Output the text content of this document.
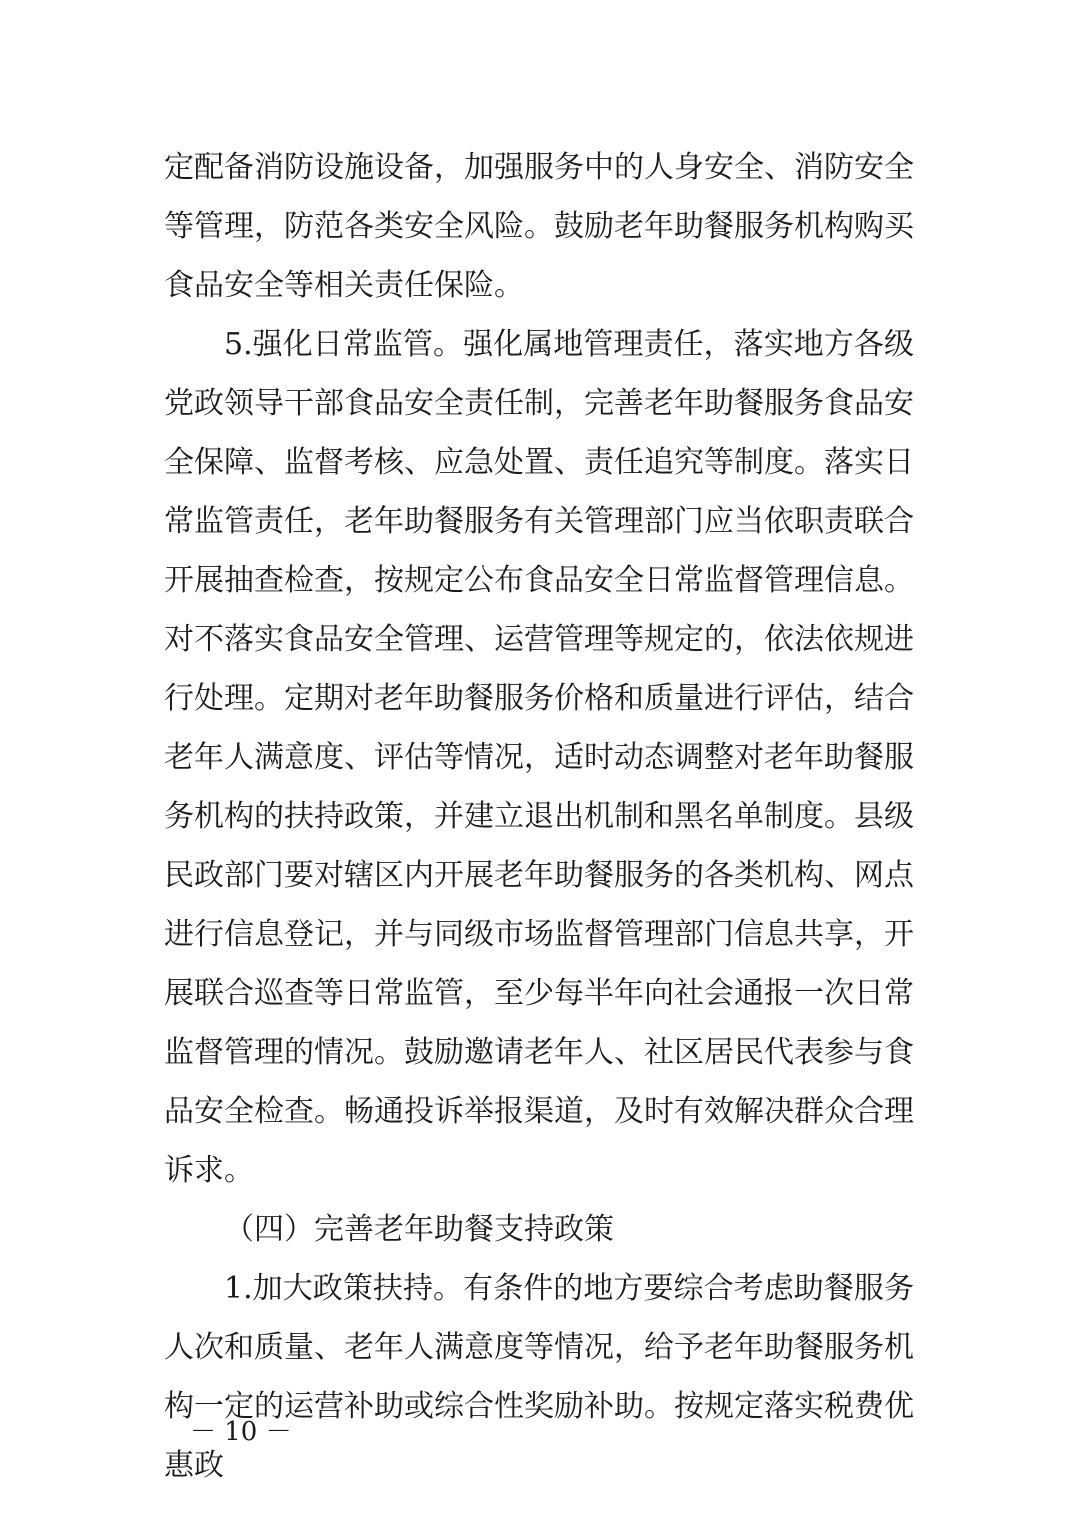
定配备消防设施设备，加强服务中的人身安全、消防安全等管理，防范各类安全风险。鼓励老年助餐服务机构购买食品安全等相关责任保险。

5.强化日常监管。强化属地管理责任，落实地方各级党政领导干部食品安全责任制，完善老年助餐服务食品安全保障、监督考核、应急处置、责任追究等制度。落实日常监管责任，老年助餐服务有关管理部门应当依职责联合开展抽查检查，按规定公布食品安全日常监督管理信息。对不落实食品安全管理、运营管理等规定的，依法依规进行处理。定期对老年助餐服务价格和质量进行评估，结合老年人满意度、评估等情况，适时动态调整对老年助餐服务机构的扶持政策，并建立退出机制和黑名单制度。县级民政部门要对辖区内开展老年助餐服务的各类机构、网点进行信息登记，并与同级市场监督管理部门信息共享，开展联合巡查等日常监管，至少每半年向社会通报一次日常监督管理的情况。鼓励邀请老年人、社区居民代表参与食品安全检查。畅通投诉举报渠道，及时有效解决群众合理诉求。

（四）完善老年助餐支持政策

1.加大政策扶持。有条件的地方要综合考虑助餐服务人次和质量、老年人满意度等情况，给予老年助餐服务机构一定的运营补助或综合性奖励补助。按规定落实税费优惠政

－ 10 －
